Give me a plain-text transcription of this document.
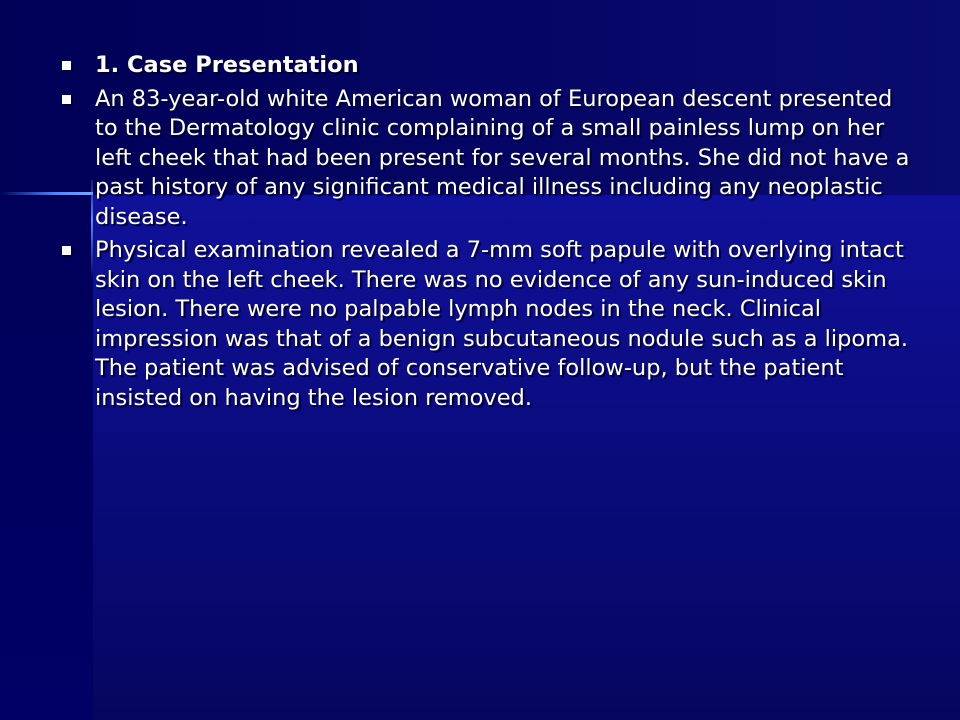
1. Case Presentation
An 83-year-old white American woman of European descent presented to the Dermatology clinic complaining of a small painless lump on her left cheek that had been present for several months. She did not have a past history of any significant medical illness including any neoplastic disease.
Physical examination revealed a 7-mm soft papule with overlying intact skin on the left cheek. There was no evidence of any sun-induced skin lesion. There were no palpable lymph nodes in the neck. Clinical impression was that of a benign subcutaneous nodule such as a lipoma. The patient was advised of conservative follow-up, but the patient insisted on having the lesion removed.
